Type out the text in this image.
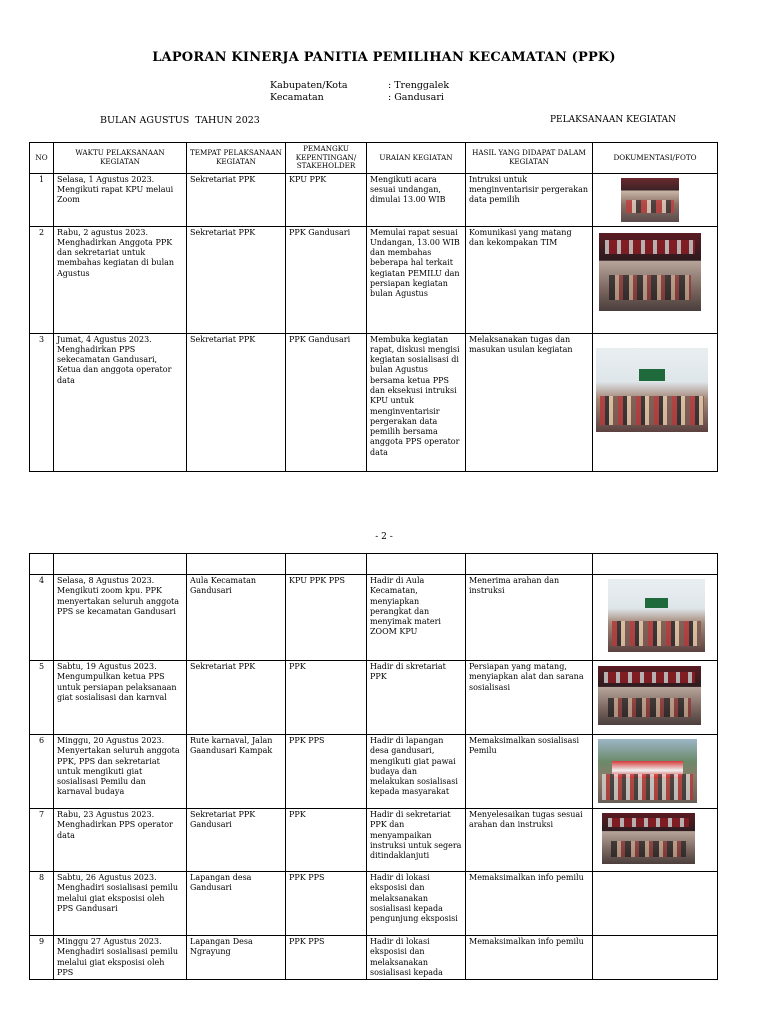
LAPORAN KINERJA PANITIA PEMILIHAN KECAMATAN (PPK)
Kabupaten/Kota	: Trenggalek
Kecamatan	: Gandusari
BULAN AGUSTUS  TAHUN 2023	PELAKSANAAN KEGIATAN
NO	WAKTU PELAKSANAAN KEGIATAN	TEMPAT PELAKSANAAN KEGIATAN	PEMANGKU KEPENTINGAN/ STAKEHOLDER	URAIAN KEGIATAN	HASIL YANG DIDAPAT DALAM KEGIATAN	DOKUMENTASI/FOTO
1	Selasa, 1 Agustus 2023. Mengikuti rapat KPU melaui Zoom	Sekretariat PPK	KPU PPK	Mengikuti acara sesuai undangan, dimulai 13.00 WIB	Intruksi untuk menginventarisir pergerakan data pemilih	

2	Rabu, 2 agustus 2023. Menghadirkan Anggota PPK dan sekretariat untuk membahas kegiatan di bulan Agustus	Sekretariat PPK	PPK Gandusari	Memulai rapat sesuai Undangan, 13.00 WIB dan membahas beberapa hal terkait kegiatan PEMILU dan persiapan kegiatan bulan Agustus	Komunikasi yang matang dan kekompakan TIM	

3	Jumat, 4 Agustus 2023. Menghadirkan PPS sekecamatan Gandusari, Ketua dan anggota operator data	Sekretariat PPK	PPK Gandusari	Membuka kegiatan rapat, diskusi mengisi kegiatan sosialisasi di bulan Agustus bersama ketua PPS dan eksekusi intruksi KPU untuk menginventarisir pergerakan data pemilih bersama anggota PPS operator data	Melaksanakan tugas dan masukan usulan kegiatan	
- 2 -

4	Selasa, 8 Agustus 2023. Mengikuti zoom kpu. PPK menyertakan seluruh anggota PPS se kecamatan Gandusari	Aula Kecamatan Gandusari	KPU PPK PPS	Hadir di Aula Kecamatan, menyiapkan perangkat dan menyimak materi ZOOM KPU	Menerima arahan dan instruksi	

5	Sabtu, 19 Agustus 2023. Mengumpulkan ketua PPS untuk persiapan pelaksanaan giat sosialisasi dan karnval	Sekretariat PPK	PPK	Hadir di skretariat PPK	Persiapan yang matang, menyiapkan alat dan sarana sosialisasi	

6	Minggu, 20 Agustus 2023. Menyertakan seluruh anggota PPK, PPS dan sekretariat untuk mengikuti giat sosialisasi Pemilu dan karnaval budaya	Rute karnaval, Jalan Gaandusari Kampak	PPK PPS	Hadir di lapangan desa gandusari, mengikuti giat pawai budaya dan melakukan sosialisasi kepada masyarakat	Memaksimalkan sosialisasi Pemilu	

7	Rabu, 23 Agustus 2023. Menghadirkan PPS operator data	Sekretariat PPK Gandusari	PPK	Hadir di sekretariat PPK dan menyampaikan instruksi untuk segera ditindaklanjuti	Menyelesaikan tugas sesuai arahan dan instruksi	

8	Sabtu, 26 Agustus 2023. Menghadiri sosialisasi pemilu melalui giat eksposisi oleh PPS Gandusari	Lapangan desa Gandusari	PPK PPS	Hadir di lokasi eksposisi dan melaksanakan sosialisasi kepada pengunjung eksposisi	Memaksimalkan info pemilu	
9	Minggu 27 Agustus 2023. Menghadiri sosialisasi pemilu melalui giat eksposisi oleh PPS	Lapangan Desa Ngrayung	PPK PPS	Hadir di lokasi eksposisi dan melaksanakan sosialisasi kepada	Memaksimalkan info pemilu	
